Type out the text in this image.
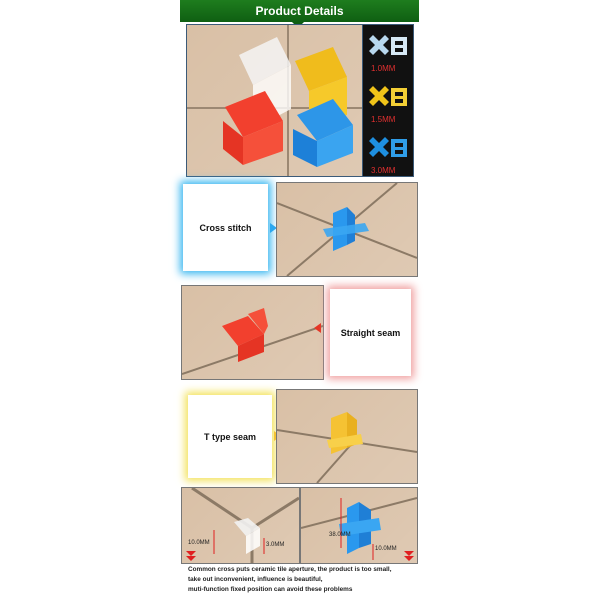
Product Details
1.0MM
1.5MM
3.0MM
Cross stitch
Straight seam
T type seam
10.0MM	3.0MM
38.0MM
10.0MM
Common cross puts ceramic tile aperture, the product is too small,
take out inconvenient, influence is beautiful,
muti-function fixed position can avoid these problems
